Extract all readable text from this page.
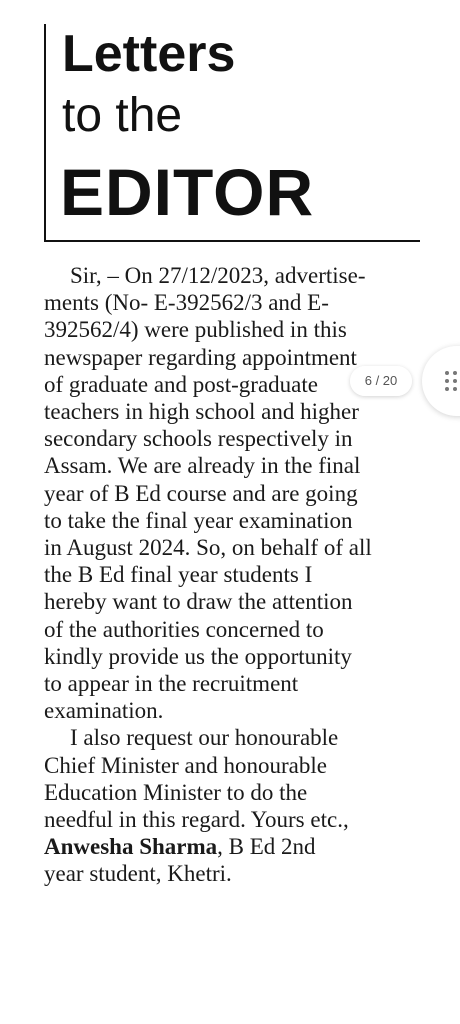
Letters
to the
EDITOR
Sir, – On 27/12/2023, advertise-
ments (No- E-392562/3 and E-
392562/4) were published in this
newspaper regarding appointment
of graduate and post-graduate
teachers in high school and higher
secondary schools respectively in
Assam. We are already in the final
year of B Ed course and are going
to take the final year examination
in August 2024. So, on behalf of all
the B Ed final year students I
hereby want to draw the attention
of the authorities concerned to
kindly provide us the opportunity
to appear in the recruitment
examination.
I also request our honourable
Chief Minister and honourable
Education Minister to do the
needful in this regard. Yours etc.,
Anwesha Sharma, B Ed 2nd
year student, Khetri.
6 / 20
